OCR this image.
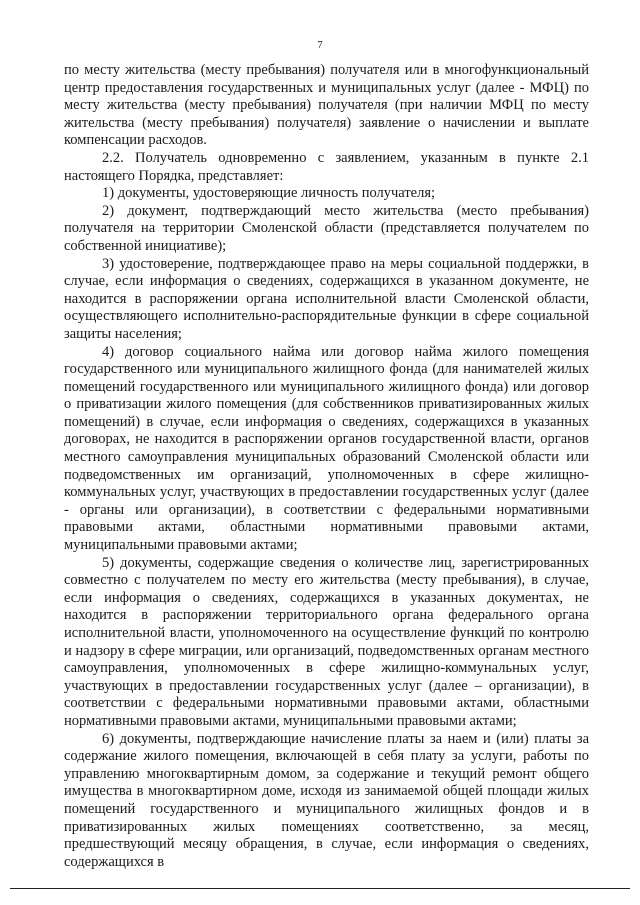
7

по месту жительства (месту пребывания) получателя или в многофункциональный центр предоставления государственных и муниципальных услуг (далее - МФЦ) по месту жительства (месту пребывания) получателя (при наличии МФЦ по месту жительства (месту пребывания) получателя) заявление о начислении и выплате компенсации расходов.

2.2. Получатель одновременно с заявлением, указанным в пункте 2.1 настоящего Порядка, представляет:

1) документы, удостоверяющие личность получателя;

2) документ, подтверждающий место жительства (место пребывания) получателя на территории Смоленской области (представляется получателем по собственной инициативе);

3) удостоверение, подтверждающее право на меры социальной поддержки, в случае, если информация о сведениях, содержащихся в указанном документе, не находится в распоряжении органа исполнительной власти Смоленской области, осуществляющего исполнительно-распорядительные функции в сфере социальной защиты населения;

4) договор социального найма или договор найма жилого помещения государственного или муниципального жилищного фонда (для нанимателей жилых помещений государственного или муниципального жилищного фонда) или договор о приватизации жилого помещения (для собственников приватизированных жилых помещений) в случае, если информация о сведениях, содержащихся в указанных договорах, не находится в распоряжении органов государственной власти, органов местного самоуправления муниципальных образований Смоленской области или подведомственных им организаций, уполномоченных в сфере жилищно-коммунальных услуг, участвующих в предоставлении государственных услуг (далее - органы или организации), в соответствии с федеральными нормативными правовыми актами, областными нормативными правовыми актами, муниципальными правовыми актами;

5) документы, содержащие сведения о количестве лиц, зарегистрированных совместно с получателем по месту его жительства (месту пребывания), в случае, если информация о сведениях, содержащихся в указанных документах, не находится в распоряжении территориального органа федерального органа исполнительной власти, уполномоченного на осуществление функций по контролю и надзору в сфере миграции, или организаций, подведомственных органам местного самоуправления, уполномоченных в сфере жилищно-коммунальных услуг, участвующих в предоставлении государственных услуг (далее – организации), в соответствии с федеральными нормативными правовыми актами, областными нормативными правовыми актами, муниципальными правовыми актами;

6) документы, подтверждающие начисление платы за наем и (или) платы за содержание жилого помещения, включающей в себя плату за услуги, работы по управлению многоквартирным домом, за содержание и текущий ремонт общего имущества в многоквартирном доме, исходя из занимаемой общей площади жилых помещений государственного и муниципального жилищных фондов и в приватизированных жилых помещениях соответственно, за месяц, предшествующий месяцу обращения, в случае, если информация о сведениях, содержащихся в
